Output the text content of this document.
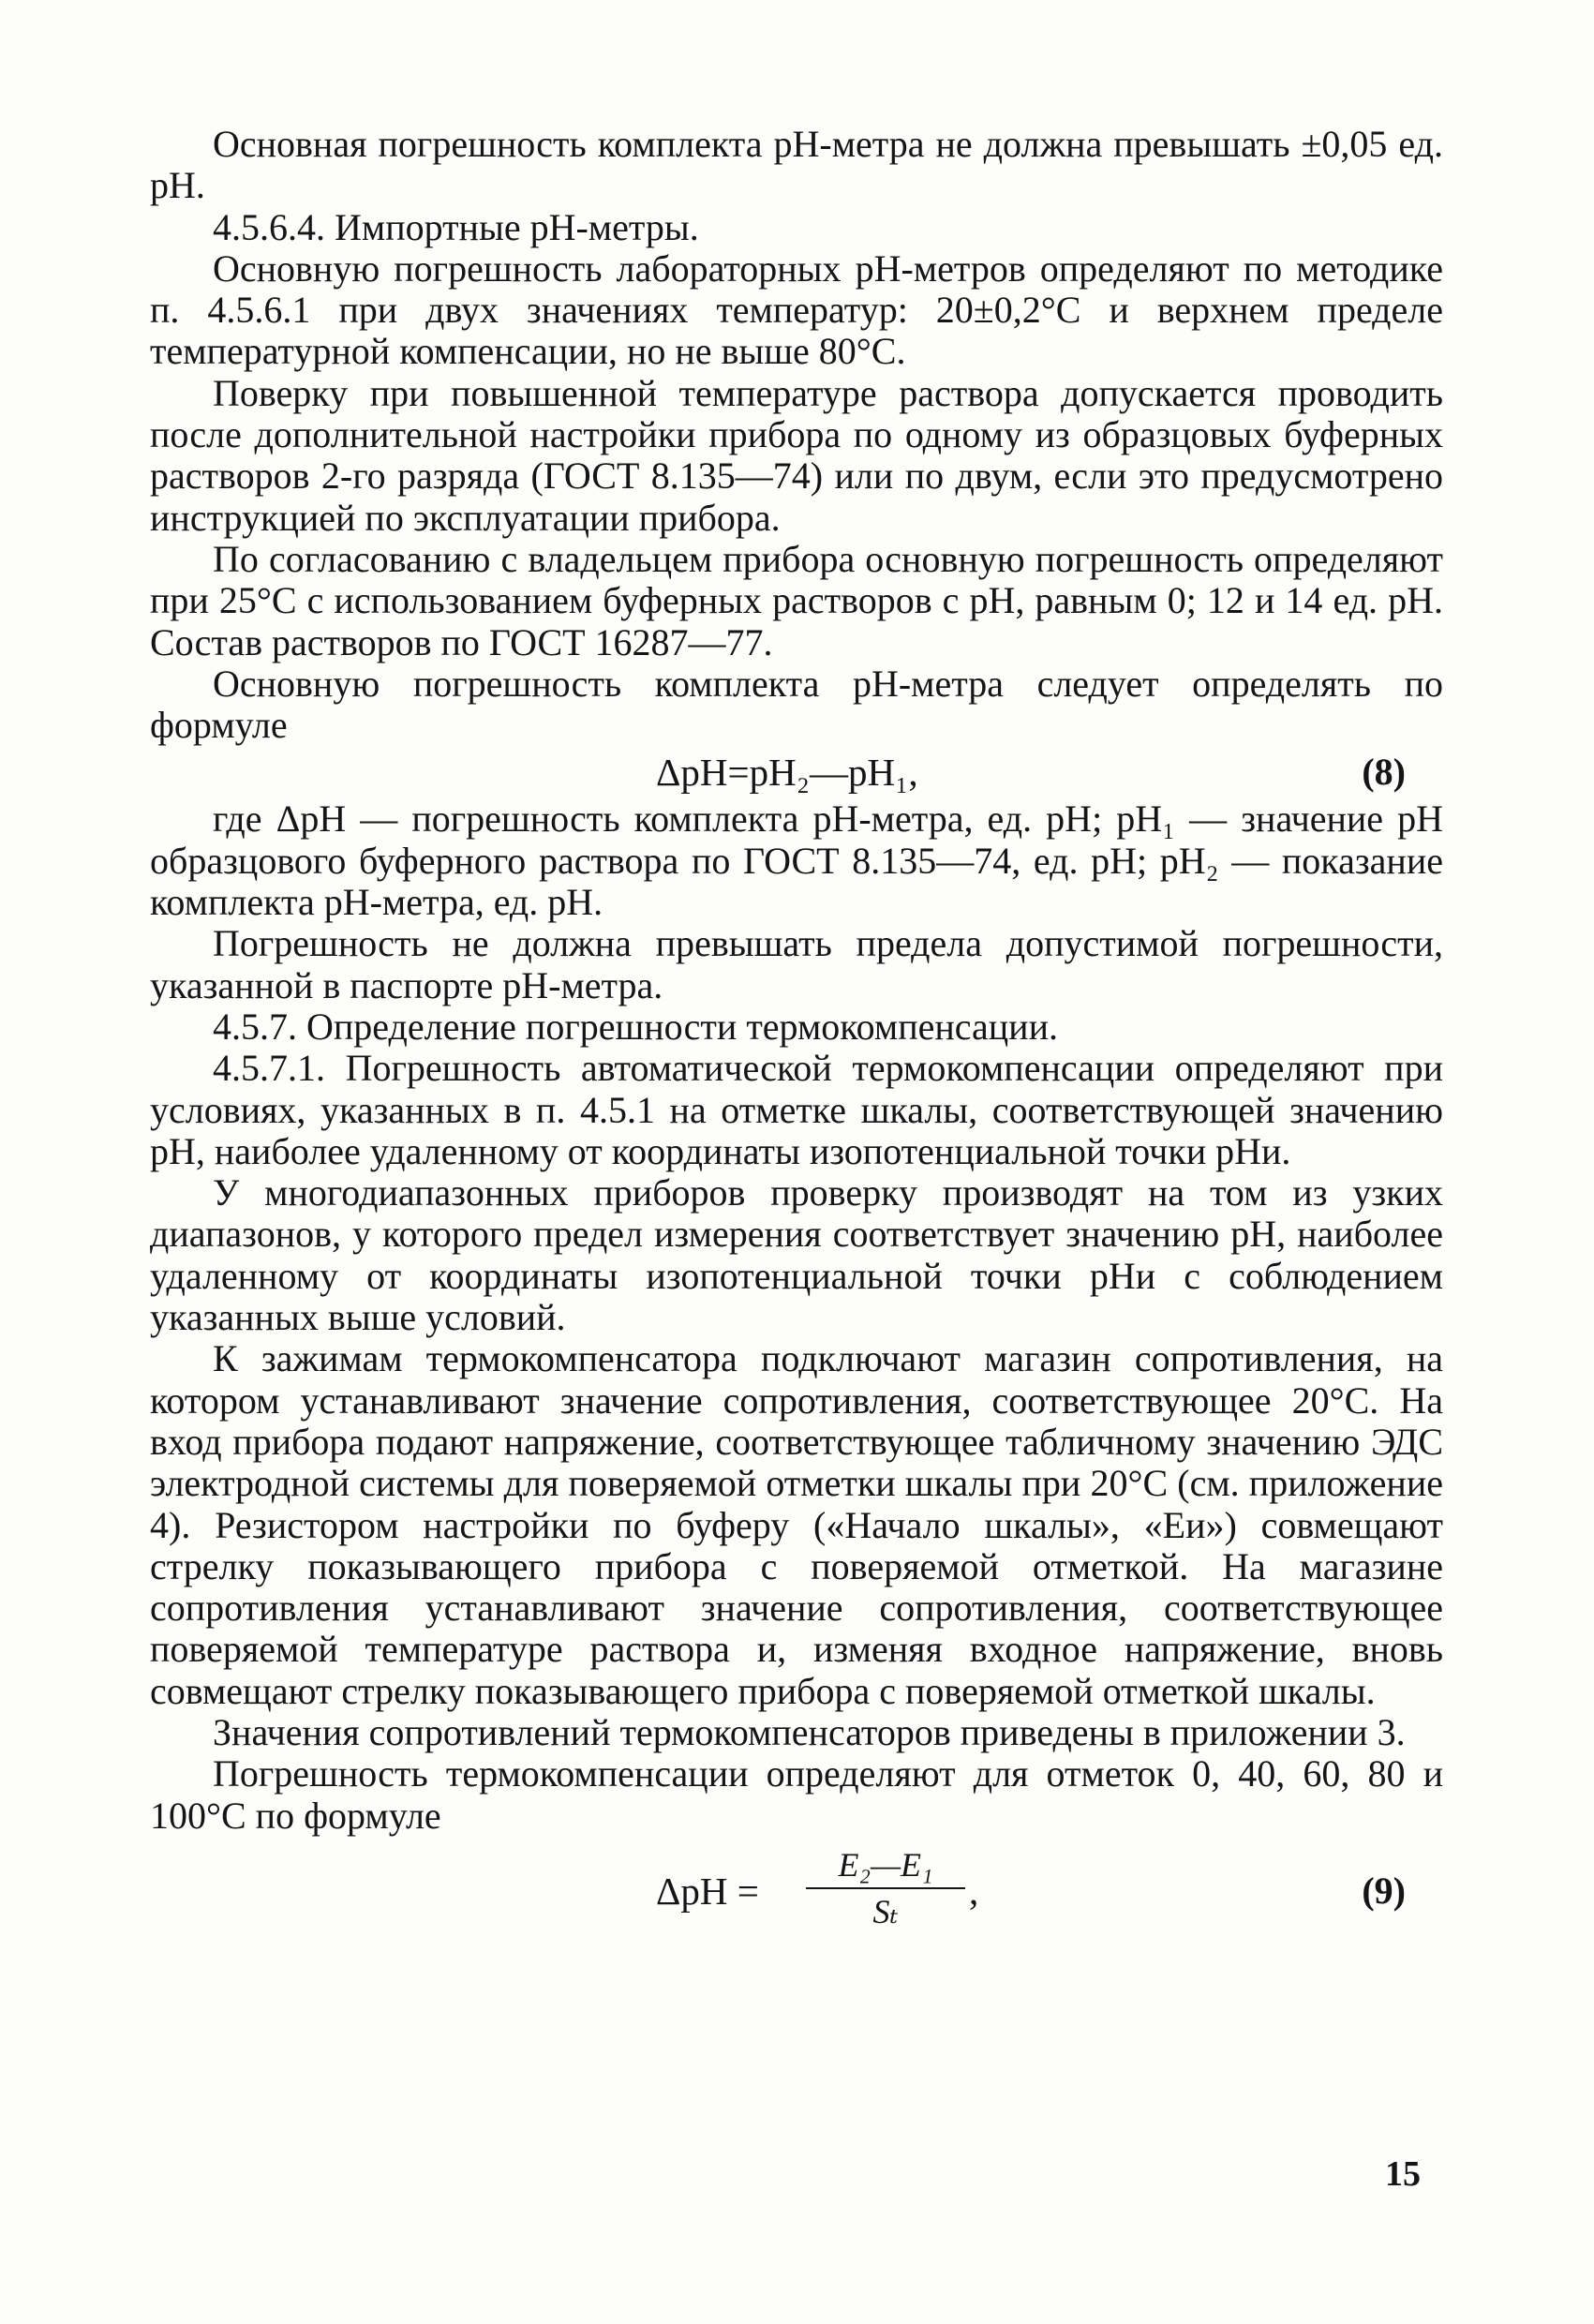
Основная погрешность комплекта pH-метра не должна превышать ±0,05 ед. pH.

4.5.6.4. Импортные pH-метры.

Основную погрешность лабораторных pH-метров определяют по методике п. 4.5.6.1 при двух значениях температур: 20±0,2°C и верхнем пределе температурной компенсации, но не выше 80°C.

Поверку при повышенной температуре раствора допускается проводить после дополнительной настройки прибора по одному из образцовых буферных растворов 2-го разряда (ГОСТ 8.135—74) или по двум, если это предусмотрено инструкцией по эксплуатации прибора.

По согласованию с владельцем прибора основную погрешность определяют при 25°C с использованием буферных растворов с pH, равным 0; 12 и 14 ед. pH. Состав растворов по ГОСТ 16287—77.

Основную погрешность комплекта pH-метра следует определять по формуле

ΔpH=pH₂—pH₁,	(8)

где ΔpH — погрешность комплекта pH-метра, ед. pH; pH₁ — значение pH образцового буферного раствора по ГОСТ 8.135—74, ед. pH; pH₂ — показание комплекта pH-метра, ед. pH.

Погрешность не должна превышать предела допустимой погрешности, указанной в паспорте pH-метра.

4.5.7. Определение погрешности термокомпенсации.

4.5.7.1. Погрешность автоматической термокомпенсации определяют при условиях, указанных в п. 4.5.1 на отметке шкалы, соответствующей значению pH, наиболее удаленному от координаты изопотенциальной точки pHи.

У многодиапазонных приборов проверку производят на том из узких диапазонов, у которого предел измерения соответствует значению pH, наиболее удаленному от координаты изопотенциальной точки pHи с соблюдением указанных выше условий.

К зажимам термокомпенсатора подключают магазин сопротивления, на котором устанавливают значение сопротивления, соответствующее 20°C. На вход прибора подают напряжение, соответствующее табличному значению ЭДС электродной системы для поверяемой отметки шкалы при 20°C (см. приложение 4). Резистором настройки по буферу («Начало шкалы», «Eи») совмещают стрелку показывающего прибора с поверяемой отметкой. На магазине сопротивления устанавливают значение сопротивления, соответствующее поверяемой температуре раствора и, изменяя входное напряжение, вновь совмещают стрелку показывающего прибора с поверяемой отметкой шкалы.

Значения сопротивлений термокомпенсаторов приведены в приложении 3.

Погрешность термокомпенсации определяют для отметок 0, 40, 60, 80 и 100°C по формуле

$\Delta pH = \frac{\text{E₂—E₁}}{\text{Sₜ}}$ ,	(9)
15
